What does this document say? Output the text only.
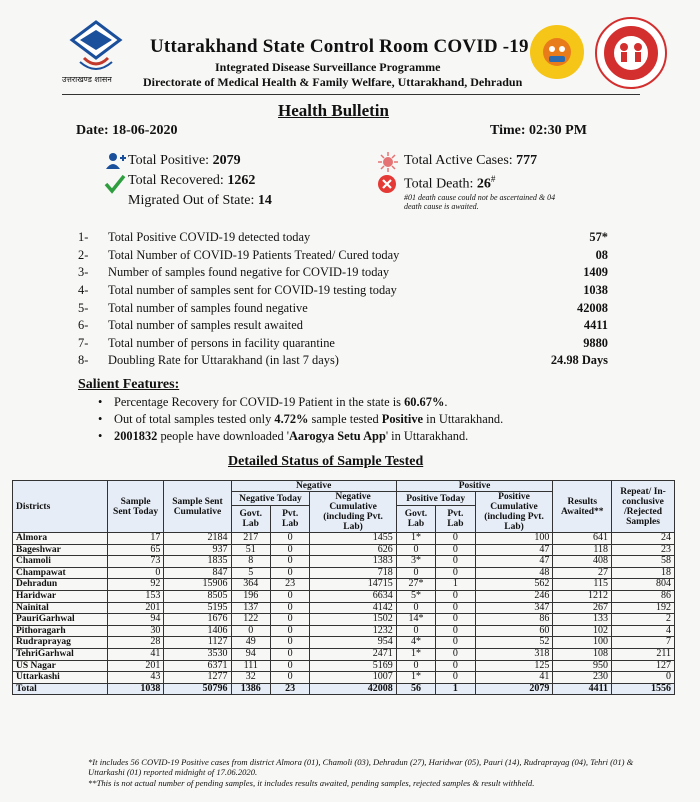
उत्तराखण्ड शासन
Uttarakhand State Control Room COVID -19
Integrated Disease Surveillance Programme
Directorate of Medical Health & Family Welfare, Uttarakhand, Dehradun
Health Bulletin
Date: 18-06-2020	Time: 02:30 PM
Total Positive: 2079
Total Recovered: 1262
Migrated Out of State: 14
Total Active Cases: 777
Total Death: 26#
#01 death cause could not be ascertained & 04 death cause is awaited.
1-	Total Positive COVID-19 detected today	57*
2-	Total Number of COVID-19 Patients Treated/ Cured today	08
3-	Number of samples found negative for COVID-19 today	1409
4-	Total number of samples sent for COVID-19 testing today	1038
5-	Total number of samples found negative	42008
6-	Total number of samples result awaited	4411
7-	Total number of persons in facility quarantine	9880
8-	Doubling Rate for Uttarakhand (in last 7 days)	24.98 Days
Salient Features:
• Percentage Recovery for COVID-19 Patient in the state is 60.67%.
• Out of total samples tested only 4.72% sample tested Positive in Uttarakhand.
• 2001832 people have downloaded 'Aarogya Setu App' in Uttarakhand.
Detailed Status of Sample Tested
Districts	Sample Sent Today	Sample Sent Cumulative	Negative			Positive			Results Awaited**	Repeat/ In-conclusive /Rejected Samples
			Negative Today		Negative Cumulative (including Pvt. Lab)	Positive Today		Positive Cumulative (including Pvt. Lab)		
			Govt. Lab	Pvt. Lab		Govt. Lab	Pvt. Lab			
Almora	17	2184	217	0	1455	1*	0	100	641	24
Bageshwar	65	937	51	0	626	0	0	47	118	23
Chamoli	73	1835	8	0	1383	3*	0	47	408	58
Champawat	0	847	5	0	718	0	0	48	27	18
Dehradun	92	15906	364	23	14715	27*	1	562	115	804
Haridwar	153	8505	196	0	6634	5*	0	246	1212	86
Nainital	201	5195	137	0	4142	0	0	347	267	192
PauriGarhwal	94	1676	122	0	1502	14*	0	86	133	2
Pithoragarh	30	1406	0	0	1232	0	0	60	102	4
Rudraprayag	28	1127	49	0	954	4*	0	52	100	7
TehriGarhwal	41	3530	94	0	2471	1*	0	318	108	211
US Nagar	201	6371	111	0	5169	0	0	125	950	127
Uttarkashi	43	1277	32	0	1007	1*	0	41	230	0
Total	1038	50796	1386	23	42008	56	1	2079	4411	1556
*It includes 56 COVID-19 Positive cases from district Almora (01), Chamoli (03), Dehradun (27), Haridwar (05), Pauri (14), Rudraprayag (04), Tehri (01) & Uttarkashi (01) reported midnight of 17.06.2020.
**This is not actual number of pending samples, it includes results awaited, pending samples, rejected samples & result withheld.
